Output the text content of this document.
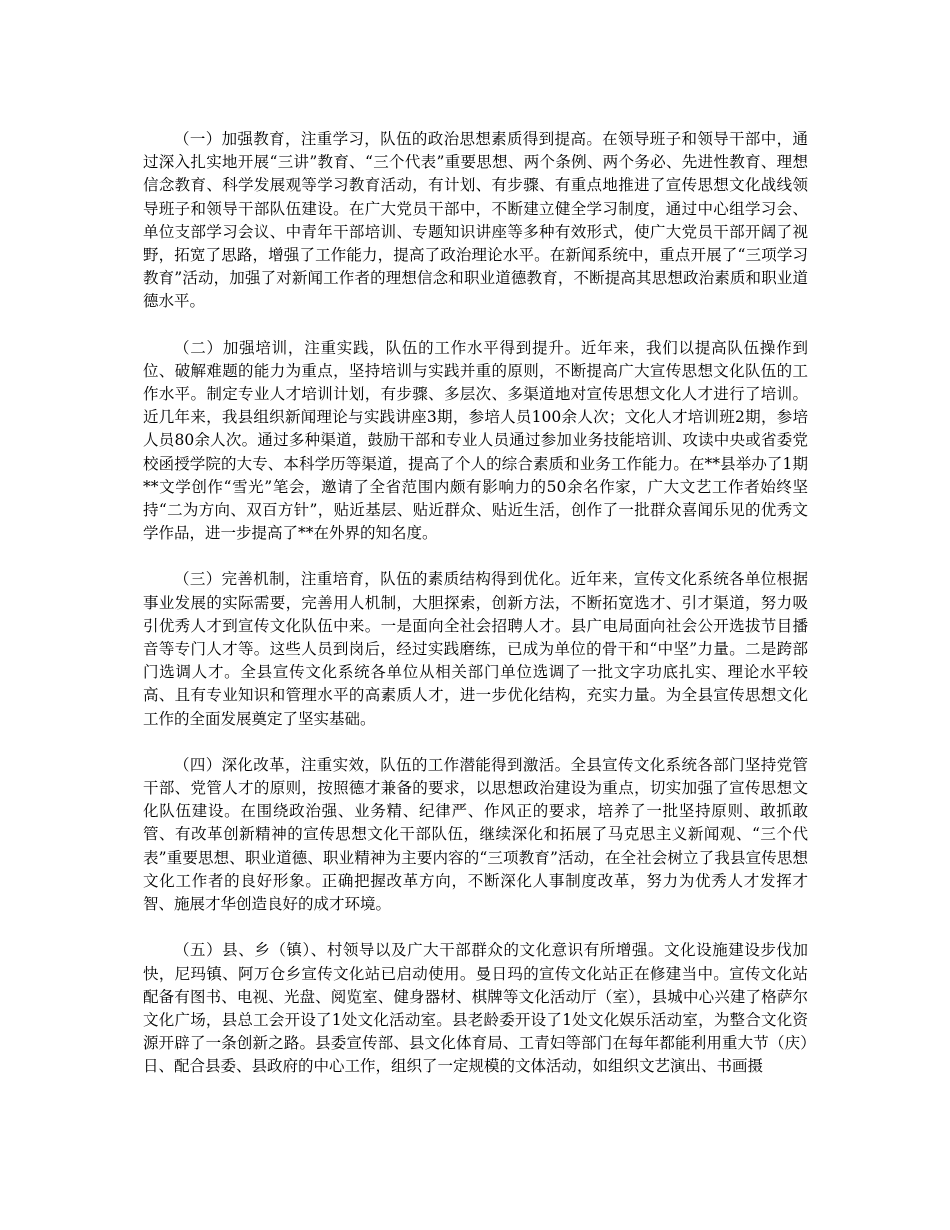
（一）加强教育，注重学习，队伍的政治思想素质得到提高。在领导班子和领导干部中，通过深入扎实地开展“三讲”教育、“三个代表”重要思想、两个条例、两个务必、先进性教育、理想信念教育、科学发展观等学习教育活动，有计划、有步骤、有重点地推进了宣传思想文化战线领导班子和领导干部队伍建设。在广大党员干部中，不断建立健全学习制度，通过中心组学习会、单位支部学习会议、中青年干部培训、专题知识讲座等多种有效形式，使广大党员干部开阔了视野，拓宽了思路，增强了工作能力，提高了政治理论水平。在新闻系统中，重点开展了“三项学习教育”活动，加强了对新闻工作者的理想信念和职业道德教育，不断提高其思想政治素质和职业道德水平。

（二）加强培训，注重实践，队伍的工作水平得到提升。近年来，我们以提高队伍操作到位、破解难题的能力为重点，坚持培训与实践并重的原则，不断提高广大宣传思想文化队伍的工作水平。制定专业人才培训计划，有步骤、多层次、多渠道地对宣传思想文化人才进行了培训。近几年来，我县组织新闻理论与实践讲座3期，参培人员100余人次；文化人才培训班2期，参培人员80余人次。通过多种渠道，鼓励干部和专业人员通过参加业务技能培训、攻读中央或省委党校函授学院的大专、本科学历等渠道，提高了个人的综合素质和业务工作能力。在**县举办了1期**文学创作“雪光”笔会，邀请了全省范围内颇有影响力的50余名作家，广大文艺工作者始终坚持“二为方向、双百方针”，贴近基层、贴近群众、贴近生活，创作了一批群众喜闻乐见的优秀文学作品，进一步提高了**在外界的知名度。

（三）完善机制，注重培育，队伍的素质结构得到优化。近年来，宣传文化系统各单位根据事业发展的实际需要，完善用人机制，大胆探索，创新方法，不断拓宽选才、引才渠道，努力吸引优秀人才到宣传文化队伍中来。一是面向全社会招聘人才。县广电局面向社会公开选拔节目播音等专门人才等。这些人员到岗后，经过实践磨练，已成为单位的骨干和“中坚”力量。二是跨部门选调人才。全县宣传文化系统各单位从相关部门单位选调了一批文字功底扎实、理论水平较高、且有专业知识和管理水平的高素质人才，进一步优化结构，充实力量。为全县宣传思想文化工作的全面发展奠定了坚实基础。

（四）深化改革，注重实效，队伍的工作潜能得到激活。全县宣传文化系统各部门坚持党管干部、党管人才的原则，按照德才兼备的要求，以思想政治建设为重点，切实加强了宣传思想文化队伍建设。在围绕政治强、业务精、纪律严、作风正的要求，培养了一批坚持原则、敢抓敢管、有改革创新精神的宣传思想文化干部队伍，继续深化和拓展了马克思主义新闻观、“三个代表”重要思想、职业道德、职业精神为主要内容的“三项教育”活动，在全社会树立了我县宣传思想文化工作者的良好形象。正确把握改革方向，不断深化人事制度改革，努力为优秀人才发挥才智、施展才华创造良好的成才环境。

（五）县、乡（镇）、村领导以及广大干部群众的文化意识有所增强。文化设施建设步伐加快，尼玛镇、阿万仓乡宣传文化站已启动使用。曼日玛的宣传文化站正在修建当中。宣传文化站配备有图书、电视、光盘、阅览室、健身器材、棋牌等文化活动厅（室），县城中心兴建了格萨尔文化广场，县总工会开设了1处文化活动室。县老龄委开设了1处文化娱乐活动室，为整合文化资源开辟了一条创新之路。县委宣传部、县文化体育局、工青妇等部门在每年都能利用重大节（庆）日、配合县委、县政府的中心工作，组织了一定规模的文体活动，如组织文艺演出、书画摄
